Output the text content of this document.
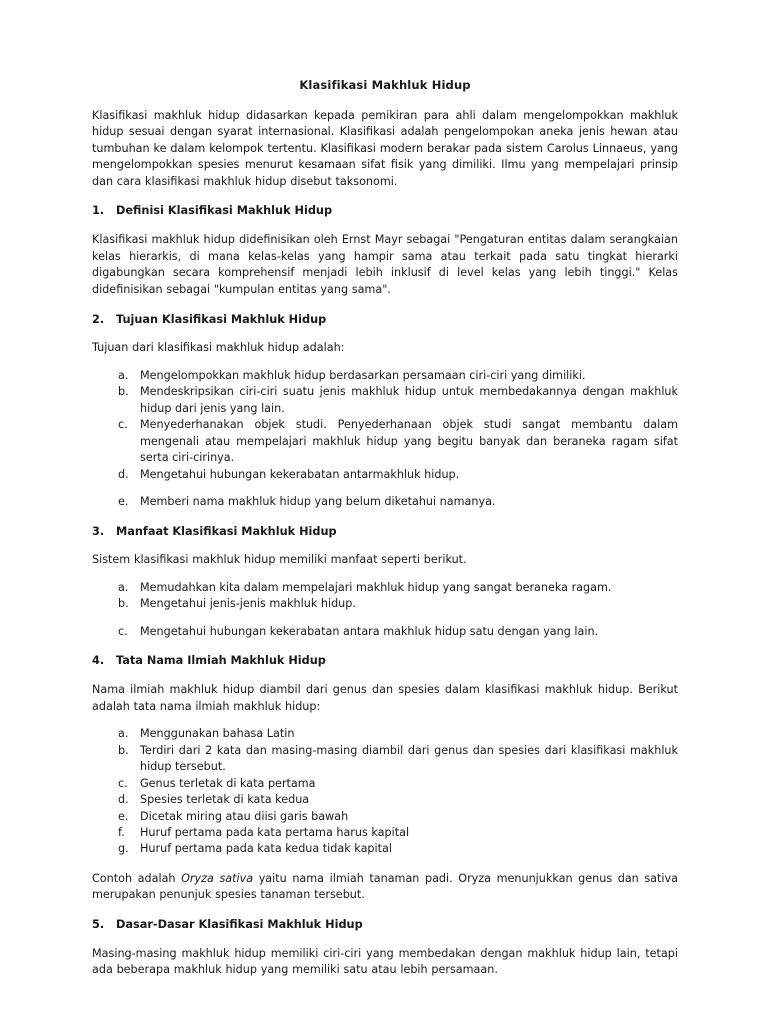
Klasifikasi Makhluk Hidup

Klasifikasi makhluk hidup didasarkan kepada pemikiran para ahli dalam mengelompokkan makhluk hidup sesuai dengan syarat internasional. Klasifikasi adalah pengelompokan aneka jenis hewan atau tumbuhan ke dalam kelompok tertentu. Klasifikasi modern berakar pada sistem Carolus Linnaeus, yang mengelompokkan spesies menurut kesamaan sifat fisik yang dimiliki. Ilmu yang mempelajari prinsip dan cara klasifikasi makhluk hidup disebut taksonomi.

1.	Definisi Klasifikasi Makhluk Hidup

Klasifikasi makhluk hidup didefinisikan oleh Ernst Mayr sebagai "Pengaturan entitas dalam serangkaian kelas hierarkis, di mana kelas-kelas yang hampir sama atau terkait pada satu tingkat hierarki digabungkan secara komprehensif menjadi lebih inklusif di level kelas yang lebih tinggi." Kelas didefinisikan sebagai "kumpulan entitas yang sama".

2.	Tujuan Klasifikasi Makhluk Hidup

Tujuan dari klasifikasi makhluk hidup adalah:

a.	Mengelompokkan makhluk hidup berdasarkan persamaan ciri-ciri yang dimiliki.
b.	Mendeskripsikan ciri-ciri suatu jenis makhluk hidup untuk membedakannya dengan makhluk hidup dari jenis yang lain.
c.	Menyederhanakan objek studi. Penyederhanaan objek studi sangat membantu dalam mengenali atau mempelajari makhluk hidup yang begitu banyak dan beraneka ragam sifat serta ciri-cirinya.
d.	Mengetahui hubungan kekerabatan antarmakhluk hidup.
e.	Memberi nama makhluk hidup yang belum diketahui namanya.
3.	Manfaat Klasifikasi Makhluk Hidup

Sistem klasifikasi makhluk hidup memiliki manfaat seperti berikut.

a.	Memudahkan kita dalam mempelajari makhluk hidup yang sangat beraneka ragam.
b.	Mengetahui jenis-jenis makhluk hidup.
c.	Mengetahui hubungan kekerabatan antara makhluk hidup satu dengan yang lain.
4.	Tata Nama Ilmiah Makhluk Hidup

Nama ilmiah makhluk hidup diambil dari genus dan spesies dalam klasifikasi makhluk hidup. Berikut adalah tata nama ilmiah makhluk hidup:

a.	Menggunakan bahasa Latin
b.	Terdiri dari 2 kata dan masing-masing diambil dari genus dan spesies dari klasifikasi makhluk hidup tersebut.
c.	Genus terletak di kata pertama
d.	Spesies terletak di kata kedua
e.	Dicetak miring atau diisi garis bawah
f.	Huruf pertama pada kata pertama harus kapital
g.	Huruf pertama pada kata kedua tidak kapital

Contoh adalah Oryza sativa yaitu nama ilmiah tanaman padi. Oryza menunjukkan genus dan sativa merupakan penunjuk spesies tanaman tersebut.

5.	Dasar-Dasar Klasifikasi Makhluk Hidup

Masing-masing makhluk hidup memiliki ciri-ciri yang membedakan dengan makhluk hidup lain, tetapi ada beberapa makhluk hidup yang memiliki satu atau lebih persamaan.
